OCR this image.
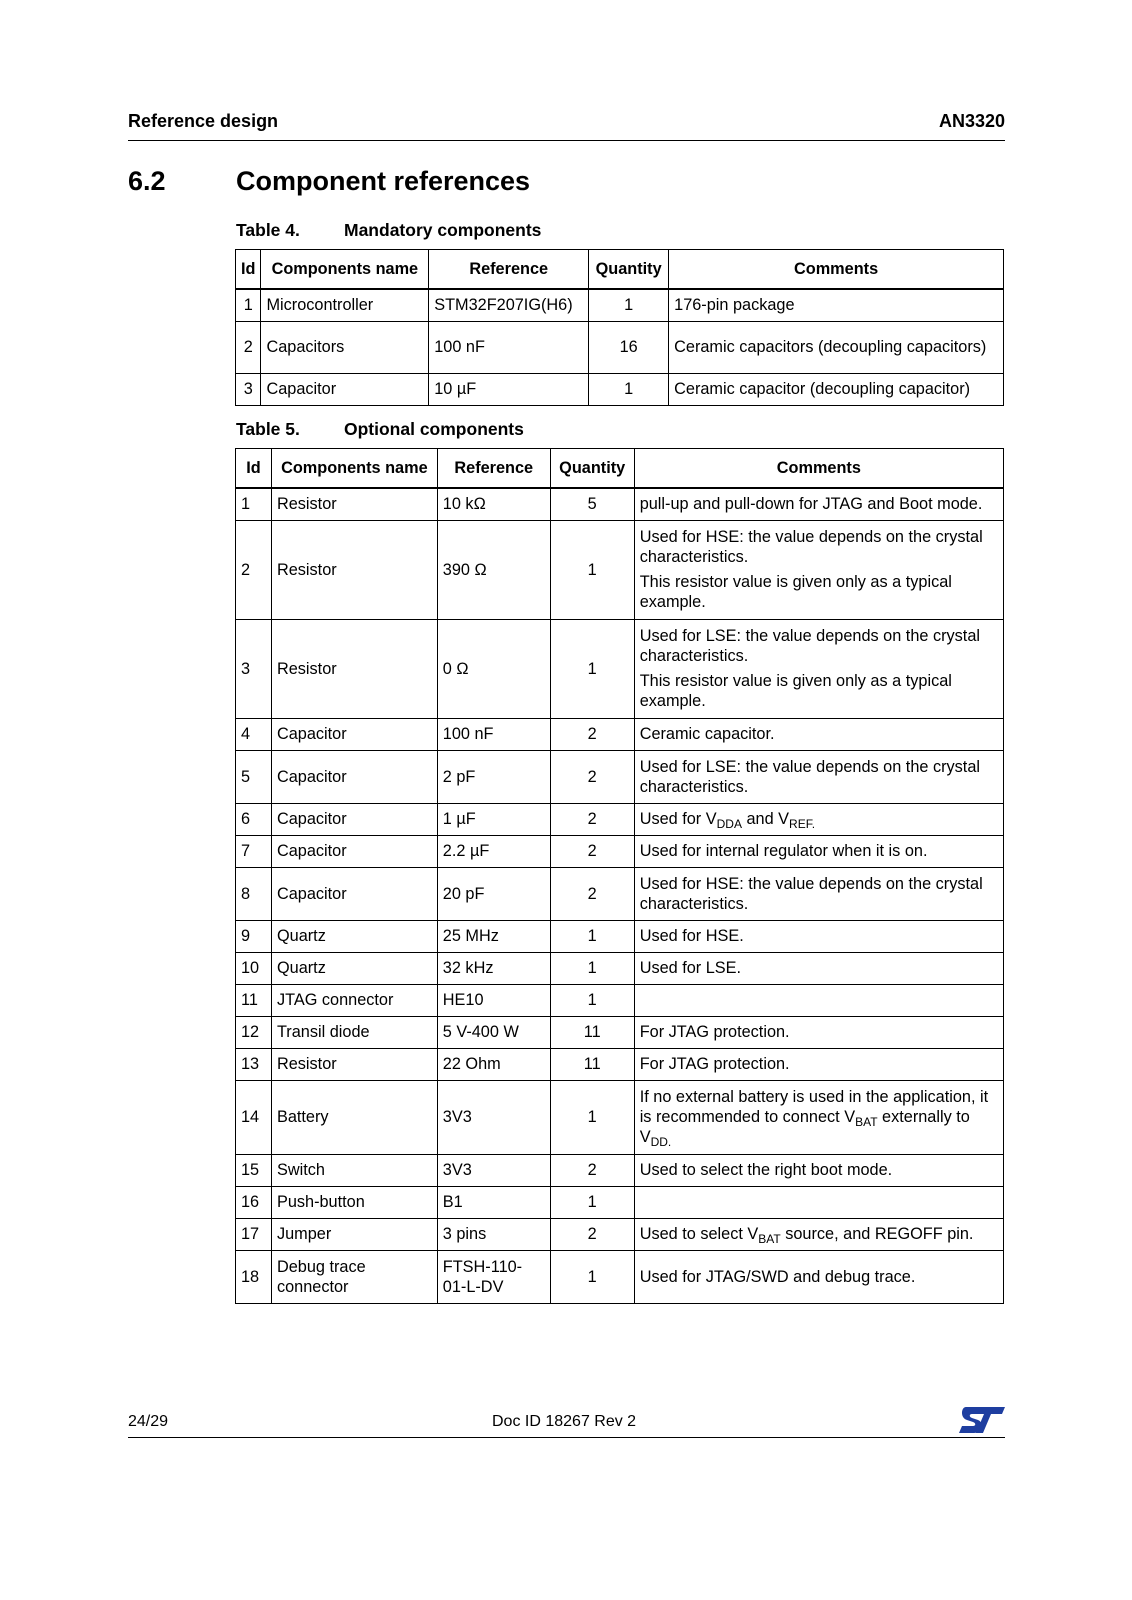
Reference design	AN3320
6.2	Component references
Table 4.	Mandatory components
Id	Components name	Reference	Quantity	Comments
1	Microcontroller	STM32F207IG(H6)	1	176-pin package
2	Capacitors	100 nF	16	Ceramic capacitors (decoupling capacitors)
3	Capacitor	10 µF	1	Ceramic capacitor (decoupling capacitor)
Table 5.	Optional components
Id	Components name	Reference	Quantity	Comments
1	Resistor	10 kΩ	5	pull-up and pull-down for JTAG and Boot mode.
2	Resistor	390 Ω	1	Used for HSE: the value depends on the crystal characteristics.

This resistor value is given only as a typical example.

3	Resistor	0 Ω	1	Used for LSE: the value depends on the crystal characteristics.

This resistor value is given only as a typical example.

4	Capacitor	100 nF	2	Ceramic capacitor.
5	Capacitor	2 pF	2	Used for LSE: the value depends on the crystal characteristics.
6	Capacitor	1 µF	2	Used for $V_{DDA}$ and $V_{REF.}$
7	Capacitor	2.2 µF	2	Used for internal regulator when it is on.
8	Capacitor	20 pF	2	Used for HSE: the value depends on the crystal characteristics.
9	Quartz	25 MHz	1	Used for HSE.
10	Quartz	32 kHz	1	Used for LSE.
11	JTAG connector	HE10	1	
12	Transil diode	5 V-400 W	11	For JTAG protection.
13	Resistor	22 Ohm	11	For JTAG protection.
14	Battery	3V3	1	If no external battery is used in the application, it is recommended to connect $V_{BAT}$ externally to $V_{DD.}$
15	Switch	3V3	2	Used to select the right boot mode.
16	Push-button	B1	1	
17	Jumper	3 pins	2	Used to select $V_{BAT}$ source, and REGOFF pin.
18	Debug trace connector	FTSH-110-01-L-DV	1	Used for JTAG/SWD and debug trace.
24/29	Doc ID 18267 Rev 2
